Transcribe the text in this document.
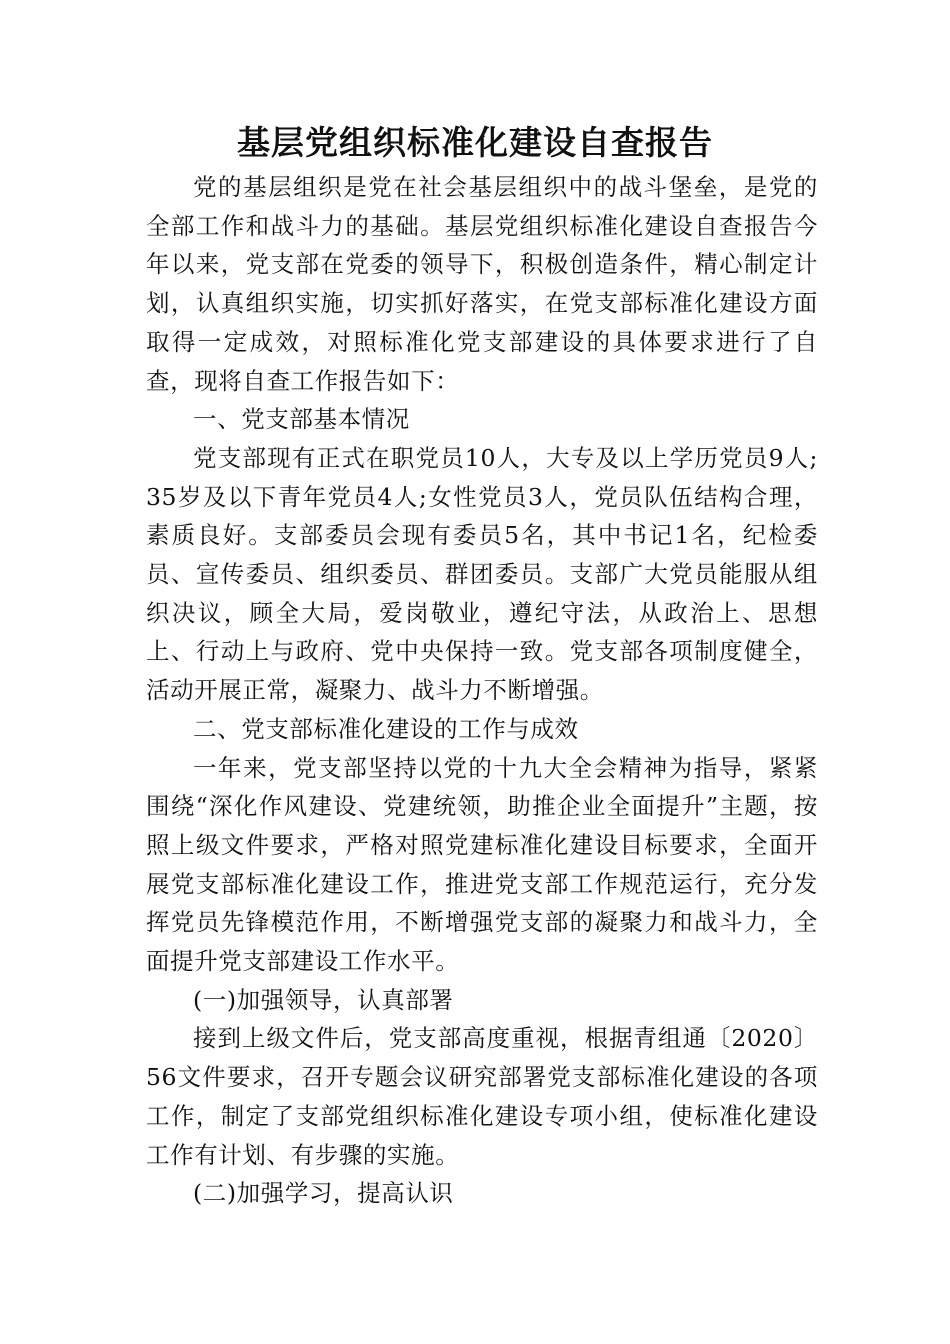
基层党组织标准化建设自查报告

党的基层组织是党在社会基层组织中的战斗堡垒，是党的全部工作和战斗力的基础。基层党组织标准化建设自查报告今年以来，党支部在党委的领导下，积极创造条件，精心制定计划，认真组织实施，切实抓好落实，在党支部标准化建设方面取得一定成效，对照标准化党支部建设的具体要求进行了自查，现将自查工作报告如下：

一、党支部基本情况

党支部现有正式在职党员10人，大专及以上学历党员9人;35岁及以下青年党员4人;女性党员3人，党员队伍结构合理，素质良好。支部委员会现有委员5名，其中书记1名，纪检委员、宣传委员、组织委员、群团委员。支部广大党员能服从组织决议，顾全大局，爱岗敬业，遵纪守法，从政治上、思想上、行动上与政府、党中央保持一致。党支部各项制度健全，活动开展正常，凝聚力、战斗力不断增强。

二、党支部标准化建设的工作与成效

一年来，党支部坚持以党的十九大全会精神为指导，紧紧围绕“深化作风建设、党建统领，助推企业全面提升”主题，按照上级文件要求，严格对照党建标准化建设目标要求，全面开展党支部标准化建设工作，推进党支部工作规范运行，充分发挥党员先锋模范作用，不断增强党支部的凝聚力和战斗力，全面提升党支部建设工作水平。

(一)加强领导，认真部署

接到上级文件后，党支部高度重视，根据青组通〔2020〕56文件要求，召开专题会议研究部署党支部标准化建设的各项工作，制定了支部党组织标准化建设专项小组，使标准化建设工作有计划、有步骤的实施。

(二)加强学习，提高认识
